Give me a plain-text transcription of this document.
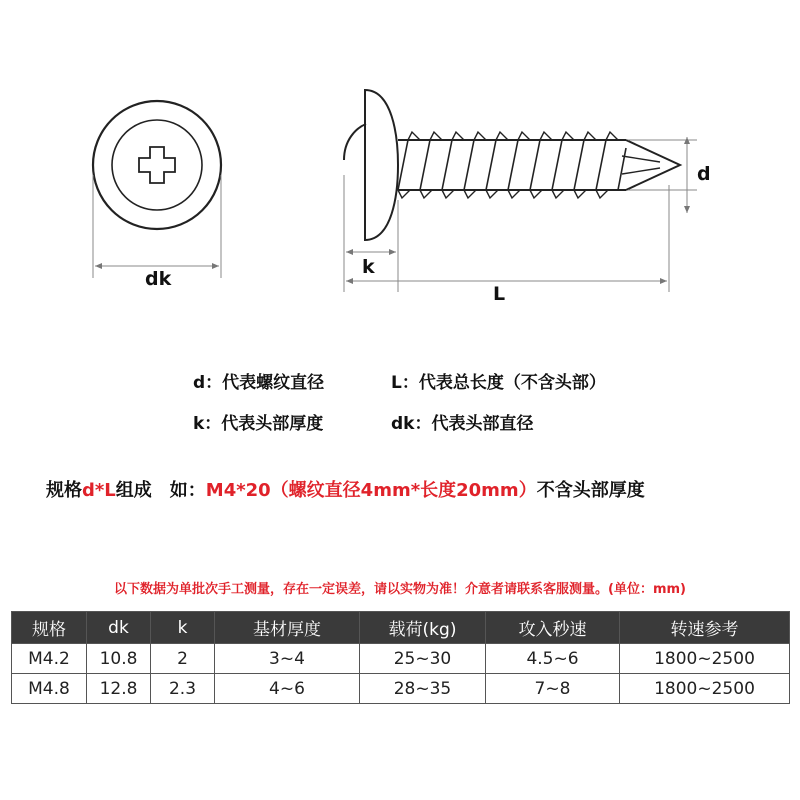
dk
k
L
d
d：代表螺纹直径	L：代表总长度（不含头部）
k：代表头部厚度	dk：代表头部直径
规格d*L组成　如：M4*20（螺纹直径4mm*长度20mm）不含头部厚度
以下数据为单批次手工测量，存在一定误差，请以实物为准！介意者请联系客服测量。(单位：mm)
规格	dk	k	基材厚度	载荷(kg)	攻入秒速	转速参考
M4.2	10.8	2	3~4	25~30	4.5~6	1800~2500
M4.8	12.8	2.3	4~6	28~35	7~8	1800~2500
